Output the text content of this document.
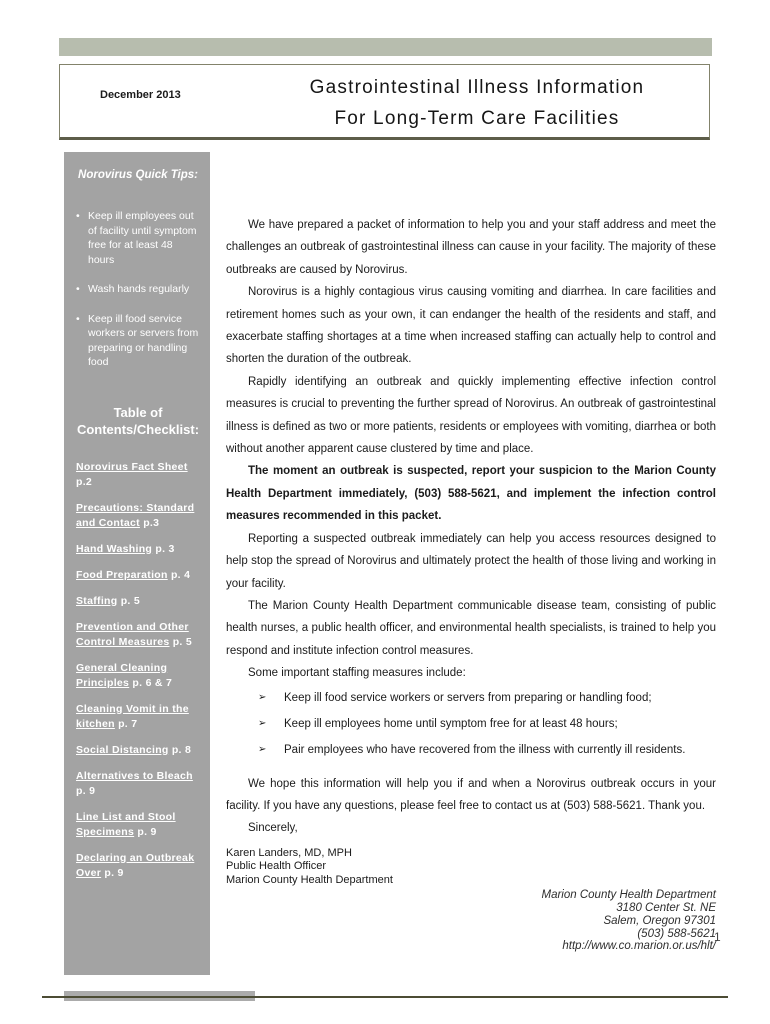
December 2013	Gastrointestinal Illness Information
For Long-Term Care Facilities
Norovirus Quick Tips:
• Keep ill employees out of facility until symptom free for at least 48 hours
• Wash hands regularly
• Keep ill food service workers or servers from preparing or handling food
Table of Contents/Checklist:
Norovirus Fact Sheet p.2
Precautions: Standard and Contact p.3
Hand Washing p. 3
Food Preparation p. 4
Staffing p. 5
Prevention and Other Control Measures p. 5
General Cleaning Principles p. 6 & 7
Cleaning Vomit in the kitchen p. 7
Social Distancing p. 8
Alternatives to Bleach p. 9
Line List and Stool Specimens p. 9
Declaring an Outbreak Over p. 9

We have prepared a packet of information to help you and your staff address and meet the challenges an outbreak of gastrointestinal illness can cause in your facility. The majority of these outbreaks are caused by Norovirus.

Norovirus is a highly contagious virus causing vomiting and diarrhea. In care facilities and retirement homes such as your own, it can endanger the health of the residents and staff, and exacerbate staffing shortages at a time when increased staffing can actually help to control and shorten the duration of the outbreak.

Rapidly identifying an outbreak and quickly implementing effective infection control measures is crucial to preventing the further spread of Norovirus. An outbreak of gastrointestinal illness is defined as two or more patients, residents or employees with vomiting, diarrhea or both without another apparent cause clustered by time and place.

The moment an outbreak is suspected, report your suspicion to the Marion County Health Department immediately, (503) 588-5621, and implement the infection control measures recommended in this packet.

Reporting a suspected outbreak immediately can help you access resources designed to help stop the spread of Norovirus and ultimately protect the health of those living and working in your facility.

The Marion County Health Department communicable disease team, consisting of public health nurses, a public health officer, and environmental health specialists, is trained to help you respond and institute infection control measures.

Some important staffing measures include:

➢	Keep ill food service workers or servers from preparing or handling food;
➢	Keep ill employees home until symptom free for at least 48 hours;
➢	Pair employees who have recovered from the illness with currently ill residents.

We hope this information will help you if and when a Norovirus outbreak occurs in your facility. If you have any questions, please feel free to contact us at (503) 588-5621. Thank you.

Sincerely,

Karen Landers, MD, MPH
Public Health Officer
Marion County Health Department
Marion County Health Department
3180 Center St. NE
Salem, Oregon 97301
(503) 588-5621
http://www.co.marion.or.us/hlt/
1
